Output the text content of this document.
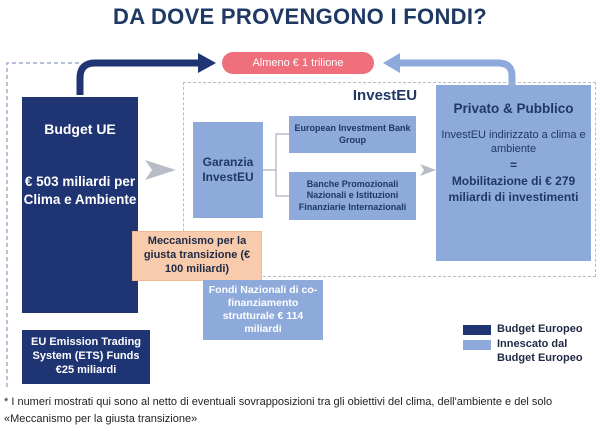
DA DOVE PROVENGONO I FONDI?
Almeno € 1 trilione
InvestEU
Budget UE
€ 503 miliardi per Clima e Ambiente
EU Emission Trading System (ETS) Funds €25 miliardi
Garanzia InvestEU
European Investment Bank Group
Banche Promozionali Nazionali e Istituzioni Finanziarie Internazionali
Privato & Pubblico
InvestEU indirizzato a clima e ambiente
=
Mobilitazione di € 279 miliardi di investimenti
Meccanismo per la giusta transizione (€ 100 miliardi)
Fondi Nazionali di co-finanziamento strutturale € 114 miliardi	Budget Europeo
Innescato dal Budget Europeo
* I numeri mostrati qui sono al netto di eventuali sovrapposizioni tra gli obiettivi del clima, dell'ambiente e del solo «Meccanismo per la giusta transizione»
